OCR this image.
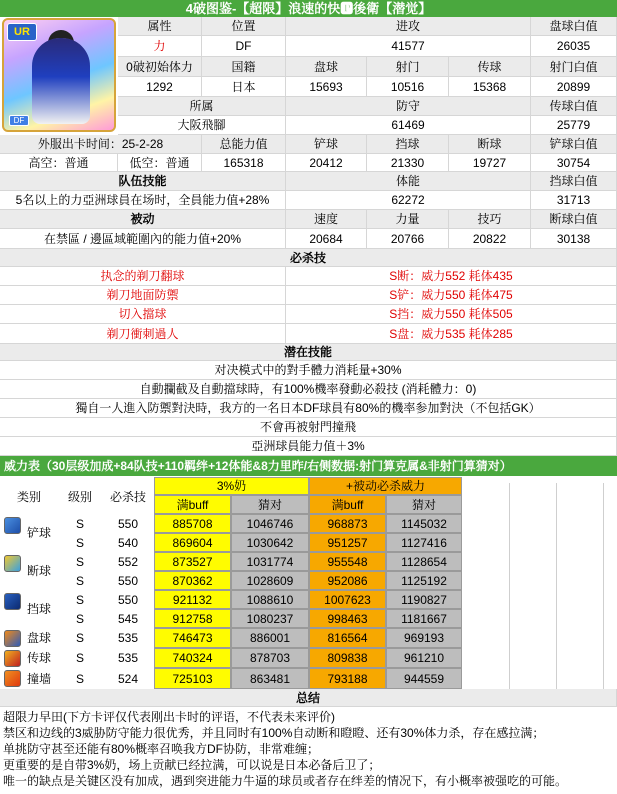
4破图鉴-【超限】浪速的快🅿後衛【潜觉】
UR
DF
属性	位置	进攻	盘球白值
力	DF	41577	26035
0破初始体力	国籍	盘球	射门	传球	射门白值
1292	日本	15693	10516	15368	20899
所属	防守	传球白值
大阪飛腳	61469	25779
外服出卡时间：25-2-28	总能力值	铲球	挡球	断球	铲球白值
高空：普通	低空：普通	165318	20412	21330	19727	30754
队伍技能	体能	挡球白值
5名以上的力亞洲球員在场时，全員能力值+28%	62272	31713
被动	速度	力量	技巧	断球白值
在禁區 / 邊區域範圍內的能力值+20%	20684	20766	20822	30138
必杀技
执念的剃刀翻球	S断：威力552 耗体435
剃刀地面防禦	S铲：威力550 耗体475
切入擋球	S挡：威力550 耗体505
剃刀衝刺過人	S盘：威力535 耗体285
潜在技能
对决模式中的對手體力消耗量+30%
自動攔截及自動擋球時，有100%機率發動必殺技 (消耗體力：0)
獨自一人進入防禦對決時，我方的一名日本DF球員有80%的機率参加對決（不包括GK）
不會再被射門撞飛
亞洲球員能力值＋3%
威力表（30层级加成+84队技+110羁绊+12体能&8力里昨/右侧数据:射门算克属&非射门算猜对）
类别	级别	必杀技
3%奶	+被动必杀威力
满buff	猜对	满buff	猜对
铲球
S	550	885708	1046746	968873	1145032
S	540	869604	1030642	951257	1127416
断球
S	552	873527	1031774	955548	1128654
S	550	870362	1028609	952086	1125192
挡球
S	550	921132	1088610	1007623	1190827
S	545	912758	1080237	998463	1181667
盘球	S	535	746473	886001	816564	969193
传球	S	535	740324	878703	809838	961210
撞墙	S	524	725103	863481	793188	944559
总结
超限力早田(下方卡评仅代表刚出卡时的评语，不代表未来评价)
禁区和边线的3威胁防守能力很优秀，并且同时有100%自动断和瞪瞪、还有30%体力杀，存在感拉满；
单挑防守甚至还能有80%概率召唤我方DF协防，非常难缠；
更重要的是自带3%奶，场上贡献已经拉满，可以说是日本必备后卫了；
唯一的缺点是关键区没有加成，遇到突进能力牛逼的球员或者存在绊差的情况下，有小概率被强吃的可能。
